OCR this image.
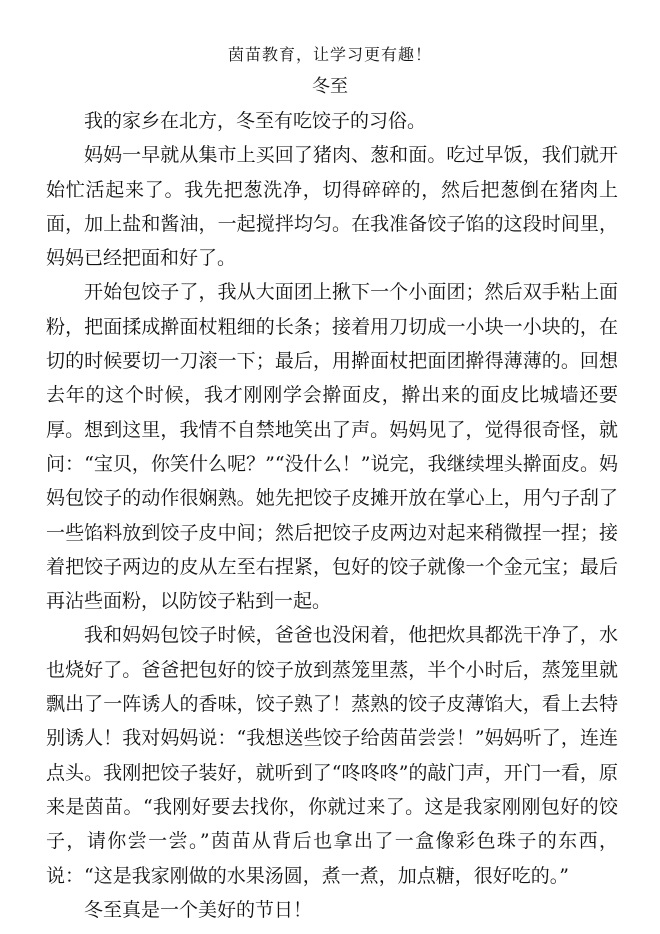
茵苗教育，让学习更有趣！
冬至

我的家乡在北方，冬至有吃饺子的习俗。

妈妈一早就从集市上买回了猪肉、葱和面。吃过早饭，我们就开始忙活起来了。我先把葱洗净，切得碎碎的，然后把葱倒在猪肉上面，加上盐和酱油，一起搅拌均匀。在我准备饺子馅的这段时间里，妈妈已经把面和好了。

开始包饺子了，我从大面团上揪下一个小面团；然后双手粘上面粉，把面揉成擀面杖粗细的长条；接着用刀切成一小块一小块的，在切的时候要切一刀滚一下；最后，用擀面杖把面团擀得薄薄的。回想去年的这个时候，我才刚刚学会擀面皮，擀出来的面皮比城墙还要厚。想到这里，我情不自禁地笑出了声。妈妈见了，觉得很奇怪，就问：“宝贝，你笑什么呢？”“没什么！”说完，我继续埋头擀面皮。妈妈包饺子的动作很娴熟。她先把饺子皮摊开放在掌心上，用勺子刮了一些馅料放到饺子皮中间；然后把饺子皮两边对起来稍微捏一捏；接着把饺子两边的皮从左至右捏紧，包好的饺子就像一个金元宝；最后再沾些面粉，以防饺子粘到一起。

我和妈妈包饺子时候，爸爸也没闲着，他把炊具都洗干净了，水也烧好了。爸爸把包好的饺子放到蒸笼里蒸，半个小时后，蒸笼里就飘出了一阵诱人的香味，饺子熟了！蒸熟的饺子皮薄馅大，看上去特别诱人！我对妈妈说：“我想送些饺子给茵苗尝尝！”妈妈听了，连连点头。我刚把饺子装好，就听到了“咚咚咚”的敲门声，开门一看，原来是茵苗。“我刚好要去找你，你就过来了。这是我家刚刚包好的饺子，请你尝一尝。”茵苗从背后也拿出了一盒像彩色珠子的东西，说：“这是我家刚做的水果汤圆，煮一煮，加点糖，很好吃的。”

冬至真是一个美好的节日！
